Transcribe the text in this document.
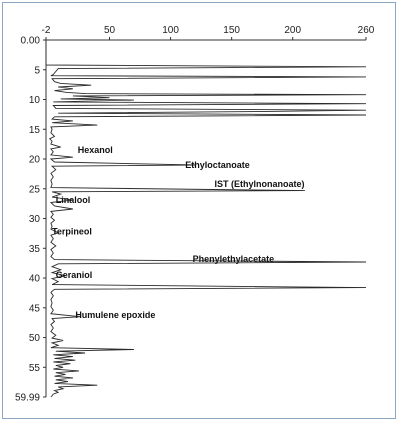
-2	50	100	150	200	260
0.00
5
10
15
20
25
30
35
40
45
50
55
59.99
Hexanol
Ethyloctanoate
IST (Ethylnonanoate)
Linalool
Terpineol
Phenylethylacetate
Geraniol
Humulene epoxide
